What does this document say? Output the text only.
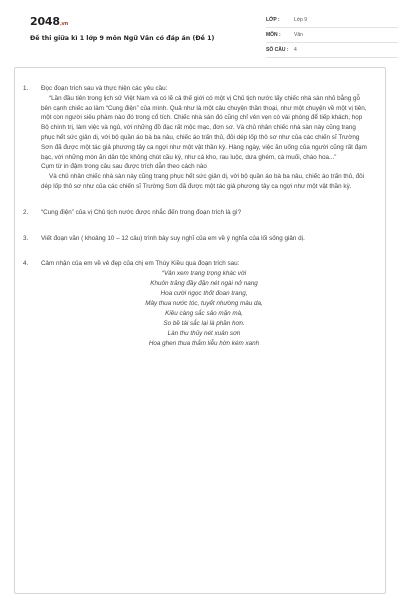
2048.vn
Đề thi giữa kì 1 lớp 9 môn Ngữ Văn có đáp án (Đề 1)
LỚP :	Lớp 9
MÔN :	Văn
SỐ CÂU :	4
1.	Đọc đoạn trích sau và thực hiện các yêu cầu:

“Lần đầu tiên trong lịch sử Việt Nam và có lẽ cả thế giới có một vị Chủ tịch nước lấy chiếc nhà sàn nhỏ bằng gỗ bên cạnh chiếc ao làm “Cung điện” của mình. Quả như là một câu chuyện thần thoại, như một chuyện về một vị tiên, một con người siêu phàm nào đó trong cổ tích. Chiếc nhà sàn đó cũng chỉ vẻn vẹn có vài phòng để tiếp khách, họp Bộ chính trị, làm việc và ngủ, với những đồ đạc rất mộc mạc, đơn sơ. Và chủ nhân chiếc nhà sàn này cũng trang phục hết sức giản dị, với bộ quần áo bà ba nâu, chiếc áo trấn thủ, đôi dép lốp thô sơ như của các chiến sĩ Trường Sơn đã được một tác giả phương tây ca ngợi như một vật thần kỳ. Hàng ngày, việc ăn uống của người cũng rất đạm bạc, với những món ăn dân tộc không chút cầu kỳ, như cá kho, rau luộc, dưa ghém, cà muối, cháo hoa...”

Cụm từ in đậm trong câu sau được trích dẫn theo cách nào

Và chủ nhân chiếc nhà sàn này cũng trang phục hết sức giản dị, với bộ quần áo bà ba nâu, chiếc áo trấn thủ, đôi dép lốp thô sơ như của các chiến sĩ Trường Sơn đã được một tác giả phương tây ca ngợi như một vật thần kỳ.

2.	“Cung điện” của vị Chủ tịch nước được nhắc đến trong đoạn trích là gì?

3.	Viết đoạn văn ( khoảng 10 – 12 câu) trình bày suy nghĩ của em về ý nghĩa của lối sống giản dị.

4.	Cảm nhận của em về vẻ đẹp của chị em Thúy Kiều qua đoạn trích sau:

“Vân xem trang trọng khác vời
Khuôn trăng đầy đặn nét ngài nở nang
Hoa cười ngọc thốt đoan trang,
Mây thua nước tóc, tuyết nhường màu da,
Kiều càng sắc sảo mặn mà,
So bề tài sắc lại là phần hơn.
Làn thu thủy nét xuân sơn
Hoa ghen thua thắm liễu hờn kém xanh
